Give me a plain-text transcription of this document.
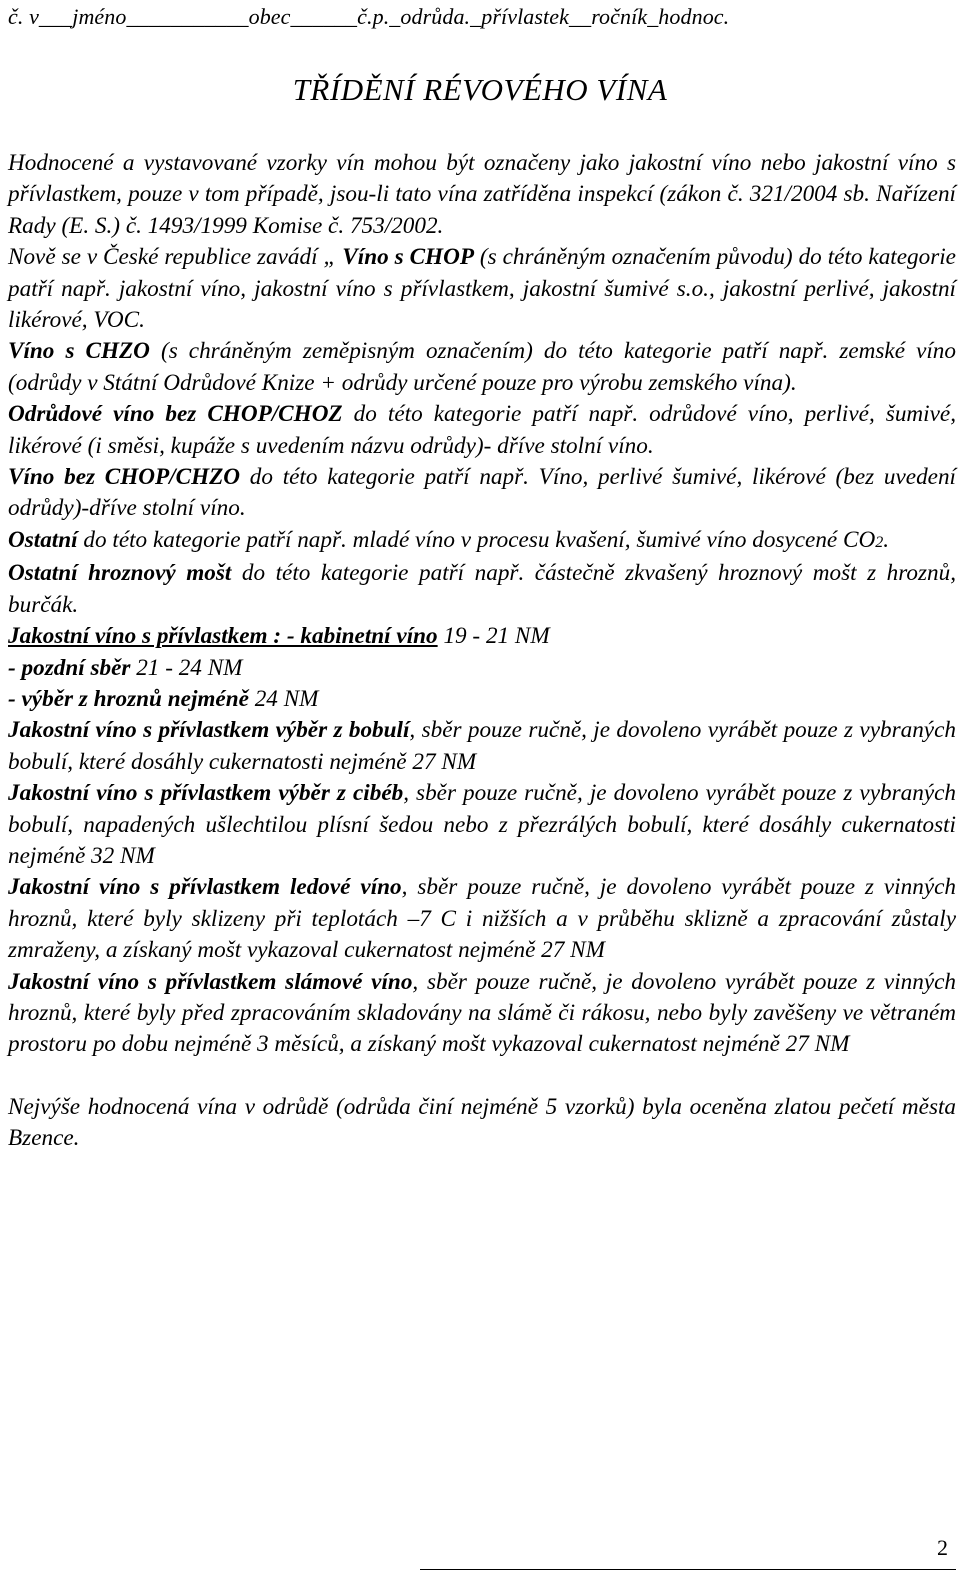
č. v___jméno___________obec______č.p._odrůda._přívlastek__ročník_hodnoc.
TŘÍDĚNÍ RÉVOVÉHO VÍNA

Hodnocené a vystavované vzorky vín mohou být označeny jako jakostní víno nebo jakostní víno s přívlastkem, pouze v tom případě, jsou-li tato vína zatříděna inspekcí (zákon č. 321/2004 sb. Nařízení Rady (E. S.) č. 1493/1999 Komise č. 753/2002.

Nově se v České republice zavádí „ Víno s CHOP (s chráněným označením původu) do této kategorie patří např. jakostní víno, jakostní víno s přívlastkem, jakostní šumivé s.o., jakostní perlivé, jakostní likérové, VOC.

Víno s CHZO (s chráněným zeměpisným označením) do této kategorie patří např. zemské víno (odrůdy v Státní Odrůdové Knize + odrůdy určené pouze pro výrobu zemského vína).

Odrůdové víno bez CHOP/CHOZ do této kategorie patří např. odrůdové víno, perlivé, šumivé, likérové (i směsi, kupáže s uvedením názvu odrůdy)- dříve stolní víno.

Víno bez CHOP/CHZO do této kategorie patří např. Víno, perlivé šumivé, likérové (bez uvedení odrůdy)-dříve stolní víno.

Ostatní do této kategorie patří např. mladé víno v procesu kvašení, šumivé víno dosycené CO2.

Ostatní hroznový mošt do této kategorie patří např. částečně zkvašený hroznový mošt z hroznů, burčák.

Jakostní víno s přívlastkem : - kabinetní víno 19 - 21 NM

- pozdní sběr 21 - 24 NM

- výběr z hroznů nejméně 24 NM

Jakostní víno s přívlastkem výběr z bobulí, sběr pouze ručně, je dovoleno vyrábět pouze z vybraných bobulí, které dosáhly cukernatosti nejméně 27 NM

Jakostní víno s přívlastkem výběr z cibéb, sběr pouze ručně, je dovoleno vyrábět pouze z vybraných bobulí, napadených ušlechtilou plísní šedou nebo z přezrálých bobulí, které dosáhly cukernatosti nejméně 32 NM

Jakostní víno s přívlastkem ledové víno, sběr pouze ručně, je dovoleno vyrábět pouze z vinných hroznů, které byly sklizeny při teplotách –7 C i nižších a v průběhu sklizně a zpracování zůstaly zmraženy, a získaný mošt vykazoval cukernatost nejméně 27 NM

Jakostní víno s přívlastkem slámové víno, sběr pouze ručně, je dovoleno vyrábět pouze z vinných hroznů, které byly před zpracováním skladovány na slámě či rákosu, nebo byly zavěšeny ve větraném prostoru po dobu nejméně 3 měsíců, a získaný mošt vykazoval cukernatost nejméně 27 NM

Nejvýše hodnocená vína v odrůdě (odrůda činí nejméně 5 vzorků) byla oceněna zlatou pečetí města Bzence.

2
